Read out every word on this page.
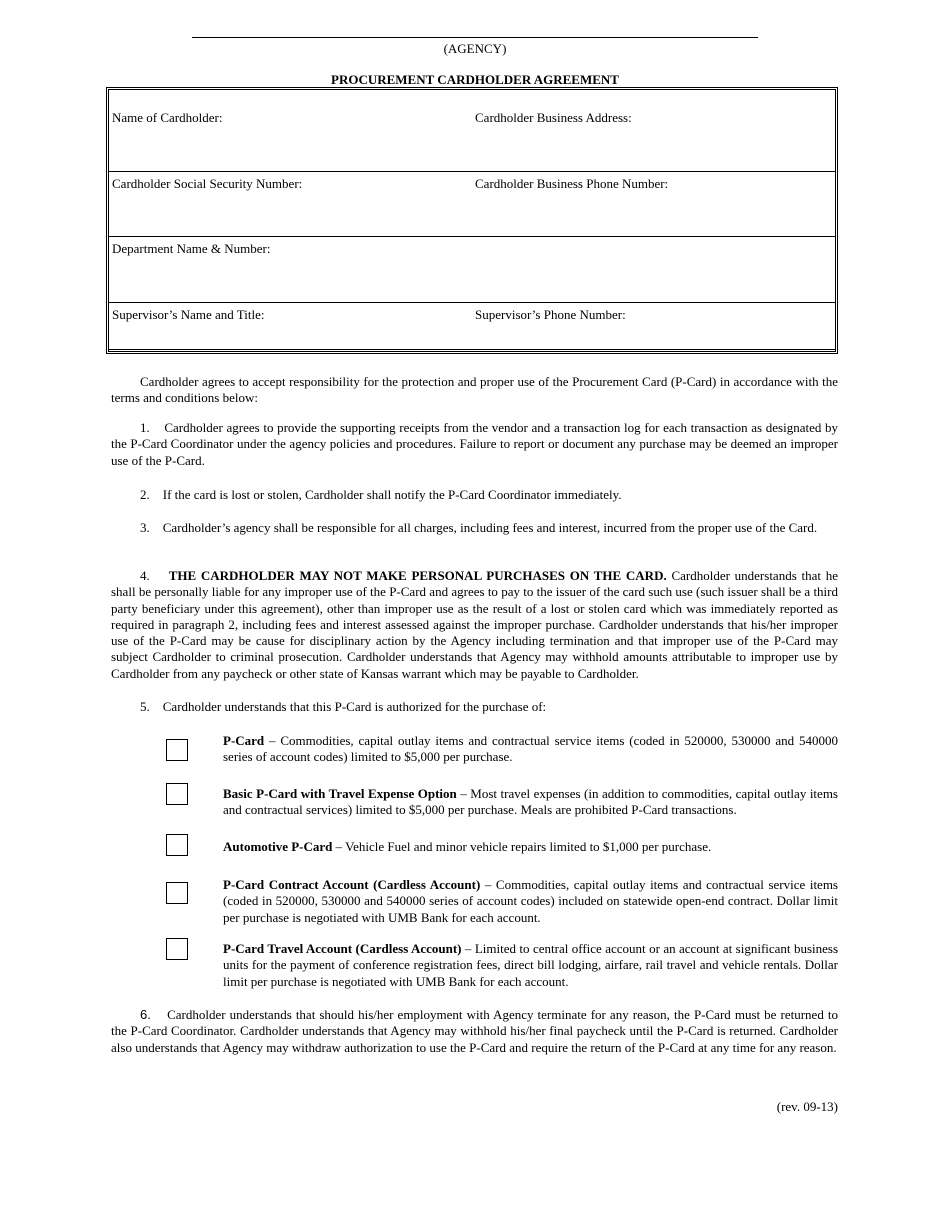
(AGENCY)
PROCUREMENT CARDHOLDER AGREEMENT
Name of Cardholder:	Cardholder Business Address:
Cardholder Social Security Number:	Cardholder Business Phone Number:
Department Name & Number:
Supervisor’s Name and Title:	Supervisor’s Phone Number:
Cardholder agrees to accept responsibility for the protection and proper use of the Procurement Card (P-Card) in accordance with the terms and conditions below:
1. Cardholder agrees to provide the supporting receipts from the vendor and a transaction log for each transaction as designated by the P-Card Coordinator under the agency policies and procedures. Failure to report or document any purchase may be deemed an improper use of the P-Card.
2. If the card is lost or stolen, Cardholder shall notify the P-Card Coordinator immediately.
3. Cardholder’s agency shall be responsible for all charges, including fees and interest, incurred from the proper use of the Card.
4. THE CARDHOLDER MAY NOT MAKE PERSONAL PURCHASES ON THE CARD. Cardholder understands that he shall be personally liable for any improper use of the P-Card and agrees to pay to the issuer of the card such use (such issuer shall be a third party beneficiary under this agreement), other than improper use as the result of a lost or stolen card which was immediately reported as required in paragraph 2, including fees and interest assessed against the improper purchase. Cardholder understands that his/her improper use of the P-Card may be cause for disciplinary action by the Agency including termination and that improper use of the P-Card may subject Cardholder to criminal prosecution. Cardholder understands that Agency may withhold amounts attributable to improper use by Cardholder from any paycheck or other state of Kansas warrant which may be payable to Cardholder.
5. Cardholder understands that this P-Card is authorized for the purchase of:
P-Card – Commodities, capital outlay items and contractual service items (coded in 520000, 530000 and 540000 series of account codes) limited to $5,000 per purchase.
Basic P-Card with Travel Expense Option – Most travel expenses (in addition to commodities, capital outlay items and contractual services) limited to $5,000 per purchase. Meals are prohibited P-Card transactions.
Automotive P-Card – Vehicle Fuel and minor vehicle repairs limited to $1,000 per purchase.
P-Card Contract Account (Cardless Account) – Commodities, capital outlay items and contractual service items (coded in 520000, 530000 and 540000 series of account codes) included on statewide open-end contract. Dollar limit per purchase is negotiated with UMB Bank for each account.
P-Card Travel Account (Cardless Account) – Limited to central office account or an account at significant business units for the payment of conference registration fees, direct bill lodging, airfare, rail travel and vehicle rentals. Dollar limit per purchase is negotiated with UMB Bank for each account.
6. Cardholder understands that should his/her employment with Agency terminate for any reason, the P-Card must be returned to the P-Card Coordinator. Cardholder understands that Agency may withhold his/her final paycheck until the P-Card is returned. Cardholder also understands that Agency may withdraw authorization to use the P-Card and require the return of the P-Card at any time for any reason.
(rev. 09-13)
